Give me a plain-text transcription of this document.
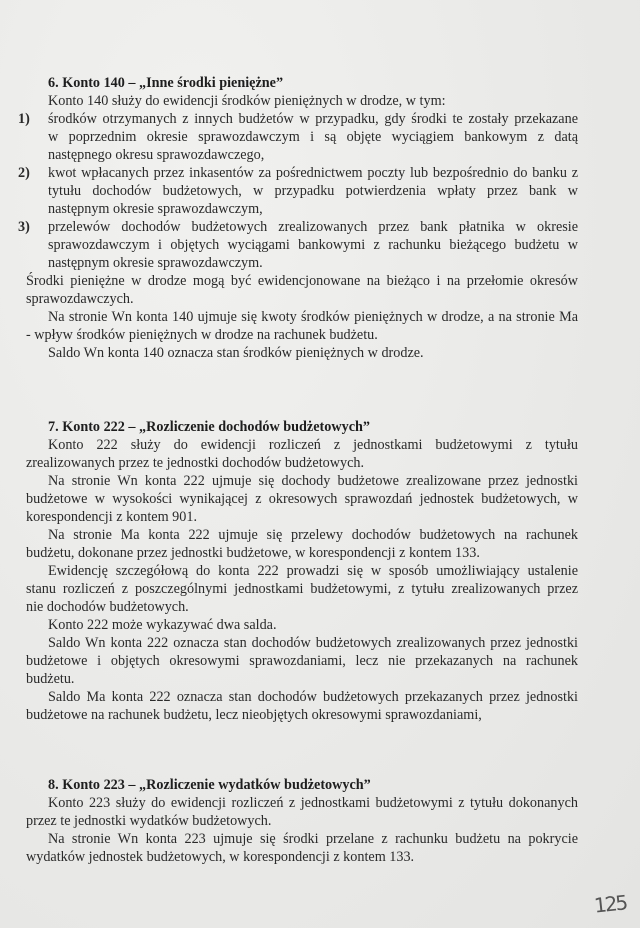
6. Konto 140 – „Inne środki pieniężne”
Konto 140 służy do ewidencji środków pieniężnych w drodze, w tym:
1) środków otrzymanych z innych budżetów w przypadku, gdy środki te zostały przekazane
w poprzednim okresie sprawozdawczym i są objęte wyciągiem bankowym z datą
następnego okresu sprawozdawczego,
2) kwot wpłacanych przez inkasentów za pośrednictwem poczty lub bezpośrednio do banku z
tytułu dochodów budżetowych, w przypadku potwierdzenia wpłaty przez bank w
następnym okresie sprawozdawczym,
3) przelewów dochodów budżetowych zrealizowanych przez bank płatnika w okresie
sprawozdawczym i objętych wyciągami bankowymi z rachunku bieżącego budżetu w
następnym okresie sprawozdawczym.
Środki pieniężne w drodze mogą być ewidencjonowane na bieżąco i na przełomie okresów
sprawozdawczych.
Na stronie Wn konta 140 ujmuje się kwoty środków pieniężnych w drodze, a na stronie Ma
- wpływ środków pieniężnych w drodze na rachunek budżetu.
Saldo Wn konta 140 oznacza stan środków pieniężnych w drodze.
7. Konto 222 – „Rozliczenie dochodów budżetowych”
Konto 222 służy do ewidencji rozliczeń z jednostkami budżetowymi z tytułu
zrealizowanych przez te jednostki dochodów budżetowych.
Na stronie Wn konta 222 ujmuje się dochody budżetowe zrealizowane przez jednostki
budżetowe w wysokości wynikającej z okresowych sprawozdań jednostek budżetowych, w
korespondencji z kontem 901.
Na stronie Ma konta 222 ujmuje się przelewy dochodów budżetowych na rachunek
budżetu, dokonane przez jednostki budżetowe, w korespondencji z kontem 133.
Ewidencję szczegółową do konta 222 prowadzi się w sposób umożliwiający ustalenie
stanu rozliczeń z poszczególnymi jednostkami budżetowymi, z tytułu zrealizowanych przez
nie dochodów budżetowych.
Konto 222 może wykazywać dwa salda.
Saldo Wn konta 222 oznacza stan dochodów budżetowych zrealizowanych przez jednostki
budżetowe i objętych okresowymi sprawozdaniami, lecz nie przekazanych na rachunek
budżetu.
Saldo Ma konta 222 oznacza stan dochodów budżetowych przekazanych przez jednostki
budżetowe na rachunek budżetu, lecz nieobjętych okresowymi sprawozdaniami,
8. Konto 223 – „Rozliczenie wydatków budżetowych”
Konto 223 służy do ewidencji rozliczeń z jednostkami budżetowymi z tytułu dokonanych
przez te jednostki wydatków budżetowych.
Na stronie Wn konta 223 ujmuje się środki przelane z rachunku budżetu na pokrycie
wydatków jednostek budżetowych, w korespondencji z kontem 133.
125
